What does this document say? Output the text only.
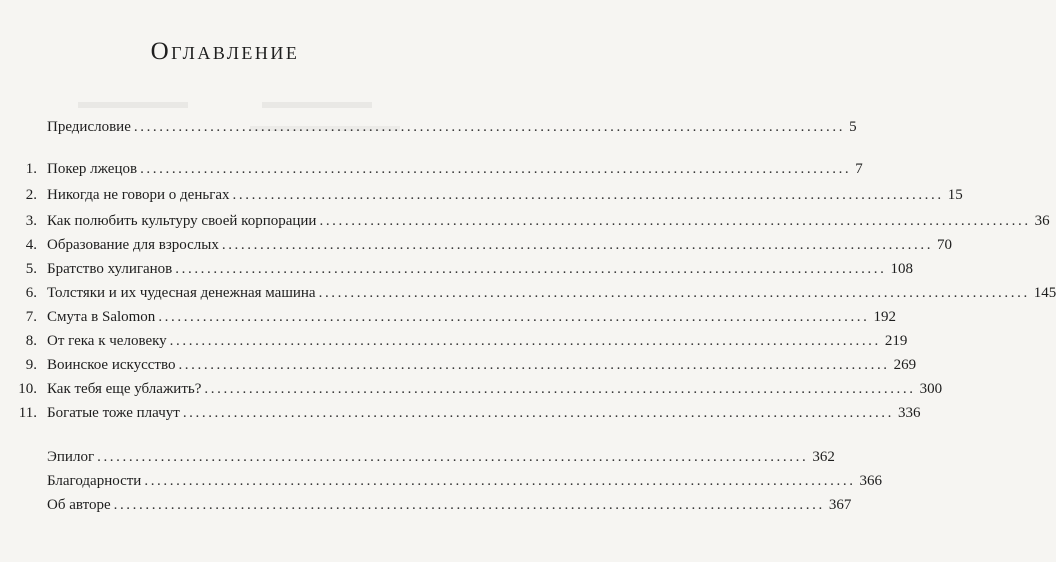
Оглавление
Предисловие ................................................................................................................ 5
1. Покер лжецов ................................................................................................................ 7
2. Никогда не говори о деньгах ................................................................................................................ 15
3. Как полюбить культуру своей корпорации ................................................................................................................ 36
4. Образование для взрослых ................................................................................................................ 70
5. Братство хулиганов ................................................................................................................ 108
6. Толстяки и их чудесная денежная машина ................................................................................................................ 145
7. Смута в Salomon ................................................................................................................ 192
8. От гека к человеку ................................................................................................................ 219
9. Воинское искусство ................................................................................................................ 269
10. Как тебя еще ублажить? ................................................................................................................ 300
11. Богатые тоже плачут ................................................................................................................ 336
Эпилог ................................................................................................................ 362
Благодарности ................................................................................................................ 366
Об авторе ................................................................................................................ 367
